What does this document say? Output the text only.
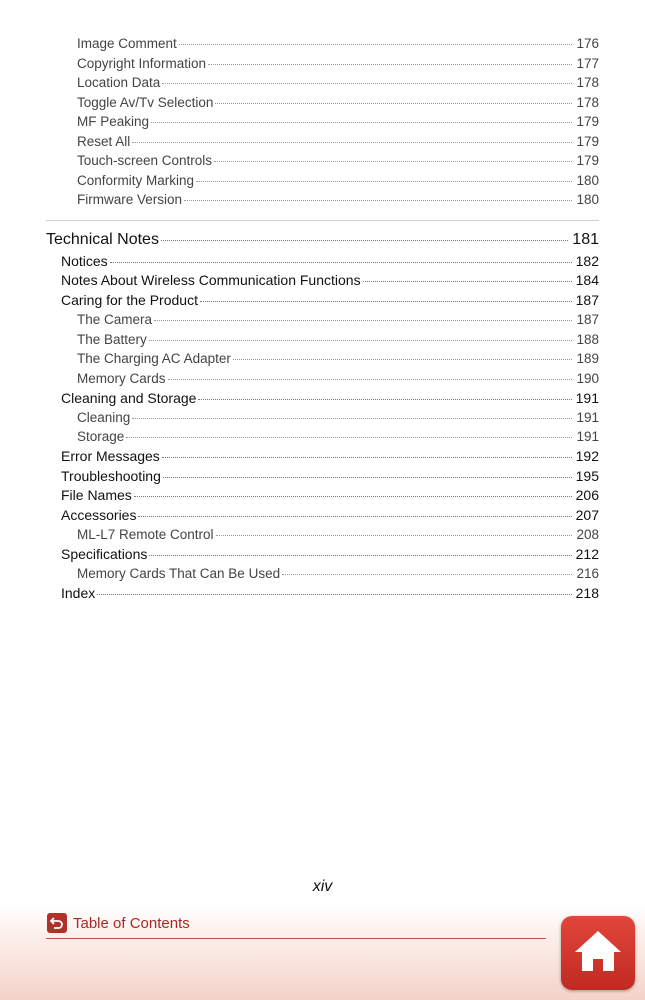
Image Comment	176
Copyright Information	177
Location Data	178
Toggle Av/Tv Selection	178
MF Peaking	179
Reset All	179
Touch-screen Controls	179
Conformity Marking	180
Firmware Version	180
Technical Notes	181
Notices	182
Notes About Wireless Communication Functions	184
Caring for the Product	187
The Camera	187
The Battery	188
The Charging AC Adapter	189
Memory Cards	190
Cleaning and Storage	191
Cleaning	191
Storage	191
Error Messages	192
Troubleshooting	195
File Names	206
Accessories	207
ML-L7 Remote Control	208
Specifications	212
Memory Cards That Can Be Used	216
Index	218
xiv
Table of Contents
